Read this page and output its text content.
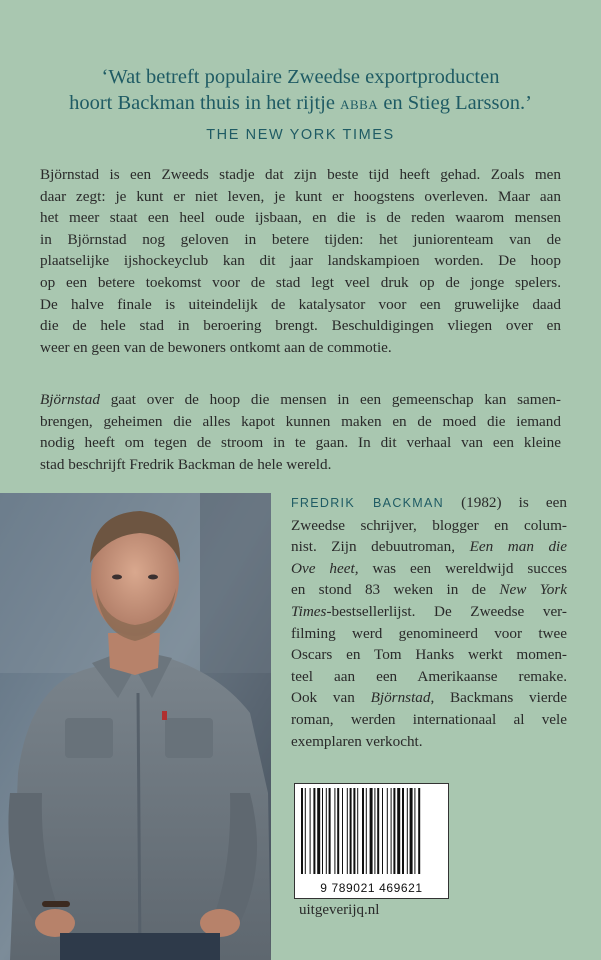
‘Wat betreft populaire Zweedse exportproducten
hoort Backman thuis in het rijtje abba en Stieg Larsson.’
THE NEW YORK TIMES
Björnstad is een Zweeds stadje dat zijn beste tijd heeft gehad. Zoals men
daar zegt: je kunt er niet leven, je kunt er hoogstens overleven. Maar aan
het meer staat een heel oude ijsbaan, en die is de reden waarom mensen
in Björnstad nog geloven in betere tijden: het juniorenteam van de
plaatselijke ijshockeyclub kan dit jaar landskampioen worden. De hoop
op een betere toekomst voor de stad legt veel druk op de jonge spelers.
De halve finale is uiteindelijk de katalysator voor een gruwelijke daad
die de hele stad in beroering brengt. Beschuldigingen vliegen over en
weer en geen van de bewoners ontkomt aan de commotie.
Björnstad gaat over de hoop die mensen in een gemeenschap kan samen-
brengen, geheimen die alles kapot kunnen maken en de moed die iemand
nodig heeft om tegen de stroom in te gaan. In dit verhaal van een kleine
stad beschrijft Fredrik Backman de hele wereld.
FREDRIK BACKMAN (1982) is een
Zweedse schrijver, blogger en colum-
nist. Zijn debuutroman, Een man die
Ove heet, was een wereldwijd succes
en stond 83 weken in de New York
Times-bestsellerlijst. De Zweedse ver-
filming werd genomineerd voor twee
Oscars en Tom Hanks werkt momen-
teel aan een Amerikaanse remake.
Ook van Björnstad, Backmans vierde
roman, werden internationaal al vele
exemplaren verkocht.
9 789021 469621
uitgeverijq.nl
